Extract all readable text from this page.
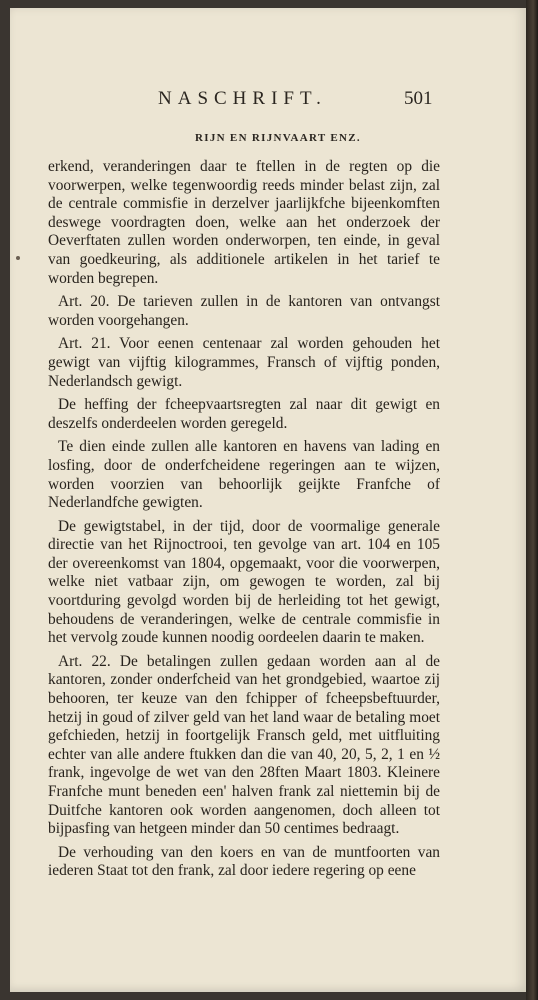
NASCHRIFT.	501
RIJN EN RIJNVAART ENZ.

erkend, veranderingen daar te ftellen in de regten op die voorwerpen, welke tegenwoordig reeds minder belast zijn, zal de centrale commisfie in derzelver jaarlijkfche bijeenkomften deswege voordragten doen, welke aan het onderzoek der Oeverftaten zullen worden onderworpen, ten einde, in geval van goedkeuring, als additionele artikelen in het tarief te worden begrepen.

Art. 20. De tarieven zullen in de kantoren van ontvangst worden voorgehangen.

Art. 21. Voor eenen centenaar zal worden gehouden het gewigt van vijftig kilogrammes, Fransch of vijftig ponden, Nederlandsch gewigt.

De heffing der fcheepvaartsregten zal naar dit gewigt en deszelfs onderdeelen worden geregeld.

Te dien einde zullen alle kantoren en havens van lading en losfing, door de onderfcheidene regeringen aan te wijzen, worden voorzien van behoorlijk geijkte Franfche of Nederlandfche gewigten.

De gewigtstabel, in der tijd, door de voormalige generale directie van het Rijnoctrooi, ten gevolge van art. 104 en 105 der overeenkomst van 1804, opgemaakt, voor die voorwerpen, welke niet vatbaar zijn, om gewogen te worden, zal bij voortduring gevolgd worden bij de herleiding tot het gewigt, behoudens de veranderingen, welke de centrale commisfie in het vervolg zoude kunnen noodig oordeelen daarin te maken.

Art. 22. De betalingen zullen gedaan worden aan al de kantoren, zonder onderfcheid van het grondgebied, waartoe zij behooren, ter keuze van den fchipper of fcheepsbeftuurder, hetzij in goud of zilver geld van het land waar de betaling moet gefchieden, hetzij in foortgelijk Fransch geld, met uitfluiting echter van alle andere ftukken dan die van 40, 20, 5, 2, 1 en ½ frank, ingevolge de wet van den 28ften Maart 1803. Kleinere Franfche munt beneden een' halven frank zal niettemin bij de Duitfche kantoren ook worden aangenomen, doch alleen tot bijpasfing van hetgeen minder dan 50 centimes bedraagt.

De verhouding van den koers en van de muntfoorten van iederen Staat tot den frank, zal door iedere regering op eene
